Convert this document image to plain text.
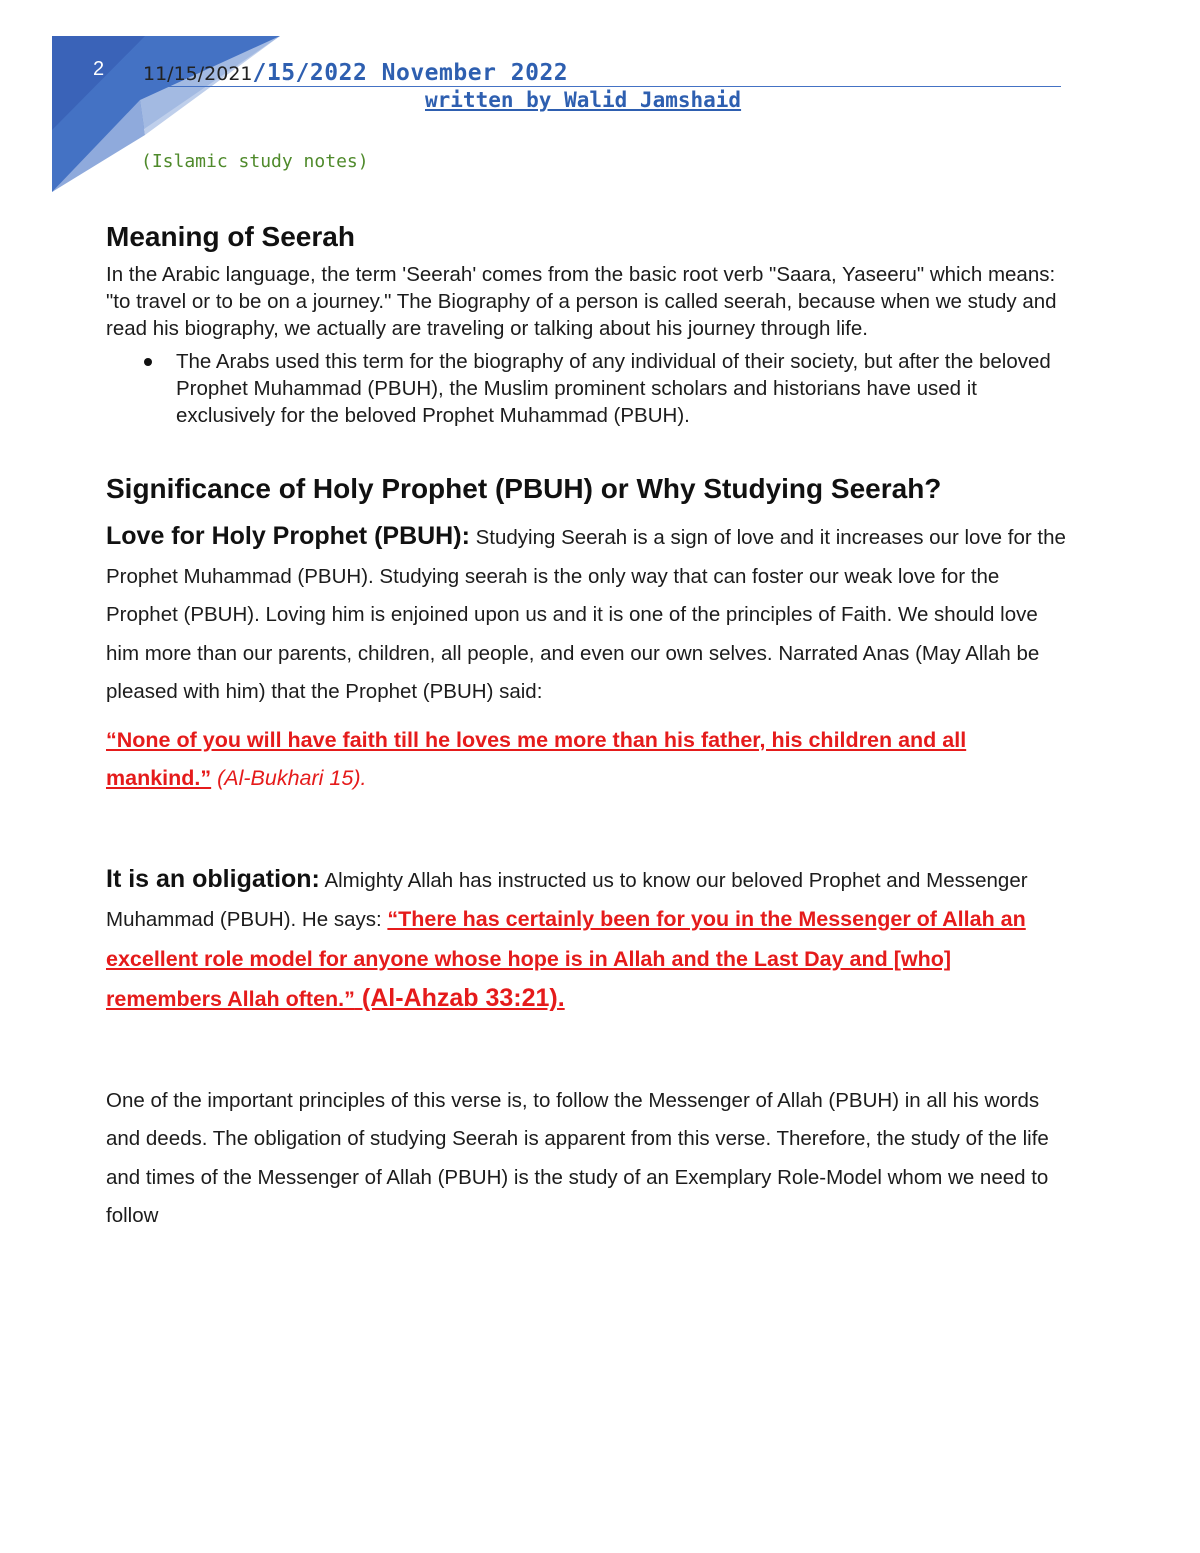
2 11/15/2021/15/2022 November 2022
written by Walid Jamshaid
(Islamic study notes)
Meaning of Seerah

In the Arabic language, the term 'Seerah' comes from the basic root verb "Saara, Yaseeru" which means: "to travel or to be on a journey." The Biography of a person is called seerah, because when we study and read his biography, we actually are traveling or talking about his journey through life.

The Arabs used this term for the biography of any individual of their society, but after the beloved Prophet Muhammad (PBUH), the Muslim prominent scholars and historians have used it exclusively for the beloved Prophet Muhammad (PBUH).
Significance of Holy Prophet (PBUH) or Why Studying Seerah?

Love for Holy Prophet (PBUH): Studying Seerah is a sign of love and it increases our love for the Prophet Muhammad (PBUH). Studying seerah is the only way that can foster our weak love for the Prophet (PBUH). Loving him is enjoined upon us and it is one of the principles of Faith. We should love him more than our parents, children, all people, and even our own selves. Narrated Anas (May Allah be pleased with him) that the Prophet (PBUH) said:

“None of you will have faith till he loves me more than his father, his children and all mankind.” (Al-Bukhari 15).

It is an obligation: Almighty Allah has instructed us to know our beloved Prophet and Messenger Muhammad (PBUH). He says: “There has certainly been for you in the Messenger of Allah an excellent role model for anyone whose hope is in Allah and the Last Day and [who] remembers Allah often.” (Al-Ahzab 33:21).

One of the important principles of this verse is, to follow the Messenger of Allah (PBUH) in all his words and deeds. The obligation of studying Seerah is apparent from this verse. Therefore, the study of the life and times of the Messenger of Allah (PBUH) is the study of an Exemplary Role-Model whom we need to follow
